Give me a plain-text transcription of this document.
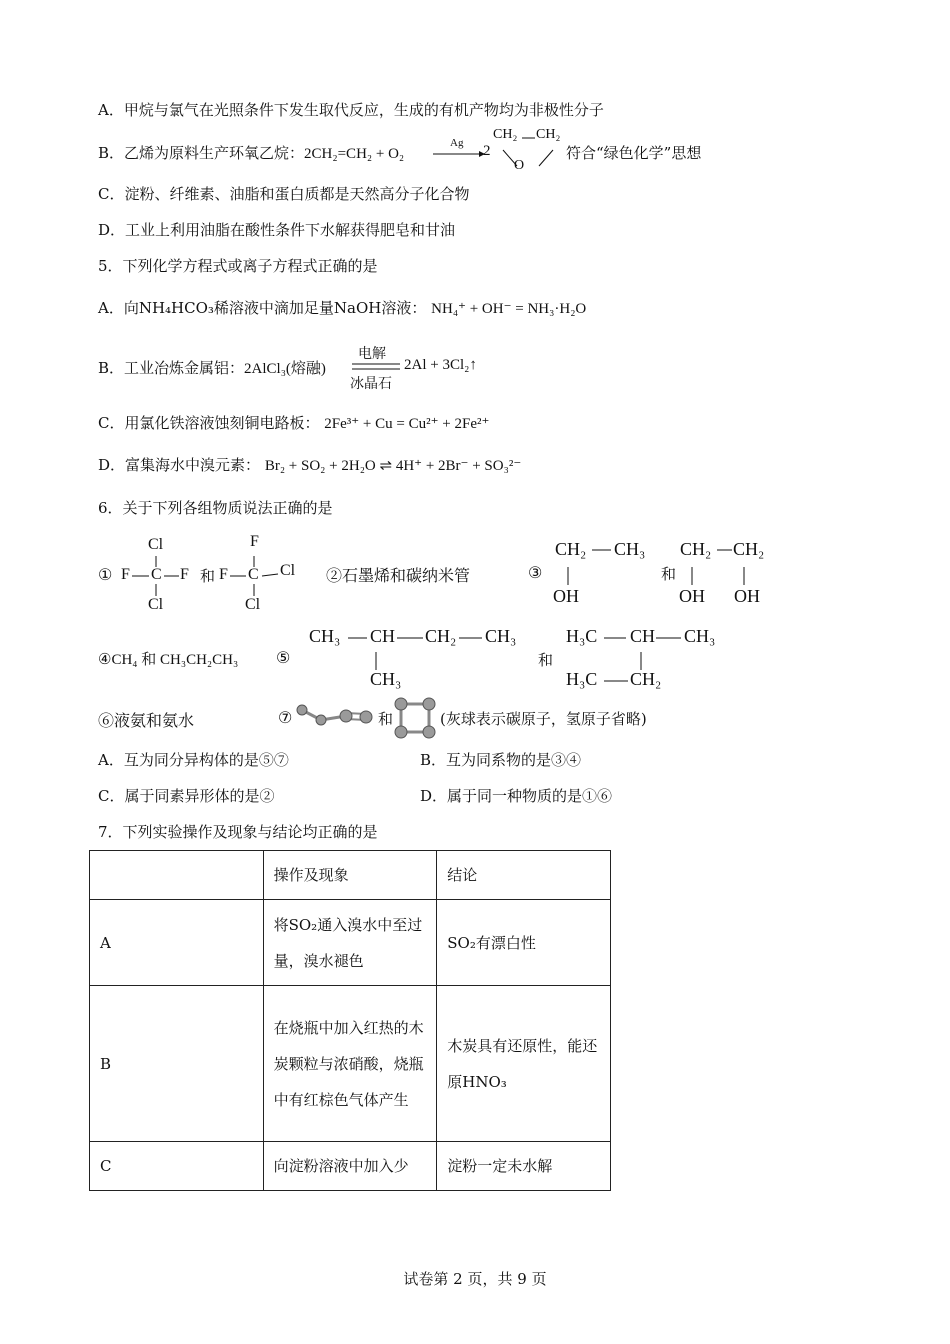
A．甲烷与氯气在光照条件下发生取代反应，生成的有机产物均为非极性分子
B．乙烯为原料生产环氧乙烷：2CH₂=CH₂ + O₂
Ag 2
CH₂ CH₂
O
符合“绿色化学”思想
C．淀粉、纤维素、油脂和蛋白质都是天然高分子化合物
D．工业上利用油脂在酸性条件下水解获得肥皂和甘油
5．下列化学方程式或离子方程式正确的是
A．向NH₄HCO₃稀溶液中滴加足量NaOH溶液： NH₄⁺ + OH⁻ = NH₃·H₂O
B．工业冶炼金属铝：2AlCl₃(熔融)
电解
冰晶石
2Al + 3Cl₂↑
C．用氯化铁溶液蚀刻铜电路板： 2Fe³⁺ + Cu = Cu²⁺ + 2Fe²⁺
D．富集海水中溴元素： Br₂ + SO₂ + 2H₂O ⇌ 4H⁺ + 2Br⁻ + SO₃²⁻
6．关于下列各组物质说法正确的是
①
Cl
F C F
Cl
和
F
F C Cl
Cl
②石墨烯和碳纳米管	③
CH₂ CH₃
OH
和
CH₂ CH₂
OH OH
④CH₄ 和 CH₃CH₂CH₃ ⑤
CH₃ CH CH₂ CH₃
CH₃
和
H₃C CH CH₃
H₃C CH₂
⑥液氨和氨水	⑦	和	(灰球表示碳原子，氢原子省略)
A．互为同分异构体的是⑤⑦	B．互为同系物的是③④
C．属于同素异形体的是②	D．属于同一种物质的是①⑥
7．下列实验操作及现象与结论均正确的是
	操作及现象	结论
A	将SO₂通入溴水中至过量，溴水褪色	SO₂有漂白性
B	在烧瓶中加入红热的木炭颗粒与浓硝酸，烧瓶中有红棕色气体产生	木炭具有还原性，能还原HNO₃
C	向淀粉溶液中加入少	淀粉一定未水解
试卷第 2 页，共 9 页
